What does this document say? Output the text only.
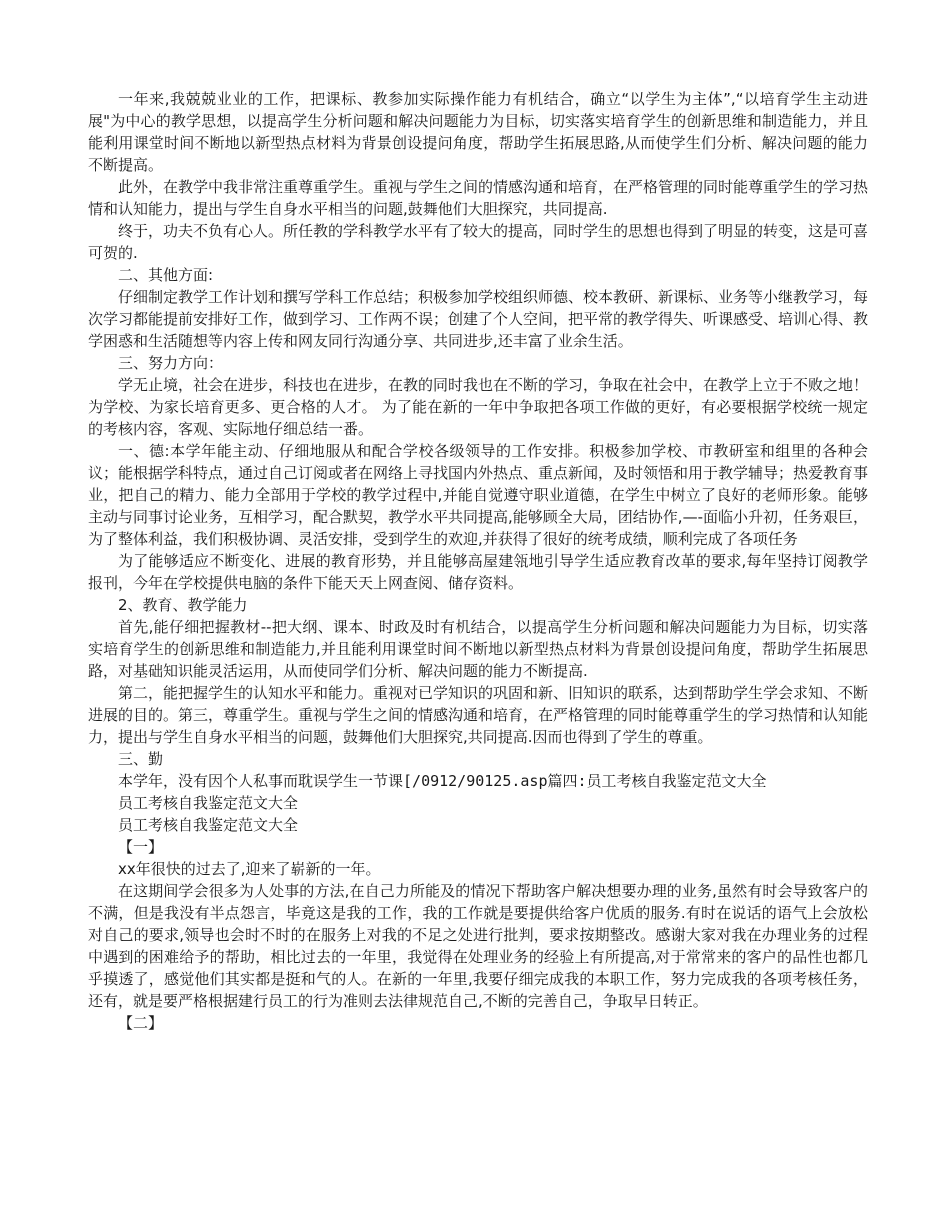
一年来,我兢兢业业的工作，把课标、教参加实际操作能力有机结合，确立“以学生为主体”,“以培育学生主动进展"为中心的教学思想，以提高学生分析问题和解决问题能力为目标，切实落实培育学生的创新思维和制造能力，并且能利用课堂时间不断地以新型热点材料为背景创设提问角度，帮助学生拓展思路,从而使学生们分析、解决问题的能力不断提高。

此外，在教学中我非常注重尊重学生。重视与学生之间的情感沟通和培育，在严格管理的同时能尊重学生的学习热情和认知能力，提出与学生自身水平相当的问题,鼓舞他们大胆探究，共同提高.

终于，功夫不负有心人。所任教的学科教学水平有了较大的提高，同时学生的思想也得到了明显的转变，这是可喜可贺的.

二、其他方面:

仔细制定教学工作计划和撰写学科工作总结；积极参加学校组织师德、校本教研、新课标、业务等小继教学习，每次学习都能提前安排好工作，做到学习、工作两不误；创建了个人空间，把平常的教学得失、听课感受、培训心得、教学困惑和生活随想等内容上传和网友同行沟通分享、共同进步,还丰富了业余生活。

三、努力方向：

学无止境，社会在进步，科技也在进步，在教的同时我也在不断的学习，争取在社会中，在教学上立于不败之地！为学校、为家长培育更多、更合格的人才。 为了能在新的一年中争取把各项工作做的更好，有必要根据学校统一规定的考核内容，客观、实际地仔细总结一番。

一、德:本学年能主动、仔细地服从和配合学校各级领导的工作安排。积极参加学校、市教研室和组里的各种会议；能根据学科特点，通过自己订阅或者在网络上寻找国内外热点、重点新闻，及时领悟和用于教学辅导；热爱教育事业，把自己的精力、能力全部用于学校的教学过程中,并能自觉遵守职业道德，在学生中树立了良好的老师形象。能够主动与同事讨论业务，互相学习，配合默契，教学水平共同提高,能够顾全大局，团结协作,—-面临小升初，任务艰巨，为了整体利益，我们积极协调、灵活安排，受到学生的欢迎,并获得了很好的统考成绩，顺利完成了各项任务

为了能够适应不断变化、进展的教育形势，并且能够高屋建瓴地引导学生适应教育改革的要求,每年坚持订阅教学报刊，今年在学校提供电脑的条件下能天天上网查阅、储存资料。

2、教育、教学能力

首先,能仔细把握教材--把大纲、课本、时政及时有机结合，以提高学生分析问题和解决问题能力为目标，切实落实培育学生的创新思维和制造能力,并且能利用课堂时间不断地以新型热点材料为背景创设提问角度，帮助学生拓展思路，对基础知识能灵活运用，从而使同学们分析、解决问题的能力不断提高.

第二，能把握学生的认知水平和能力。重视对已学知识的巩固和新、旧知识的联系，达到帮助学生学会求知、不断进展的目的。第三，尊重学生。重视与学生之间的情感沟通和培育，在严格管理的同时能尊重学生的学习热情和认知能力，提出与学生自身水平相当的问题，鼓舞他们大胆探究,共同提高.因而也得到了学生的尊重。

三、勤

本学年，没有因个人私事而耽误学生一节课[/0912/90125.asp篇四:员工考核自我鉴定范文大全

员工考核自我鉴定范文大全

员工考核自我鉴定范文大全

【一】

xx年很快的过去了,迎来了崭新的一年。

在这期间学会很多为人处事的方法,在自己力所能及的情况下帮助客户解决想要办理的业务,虽然有时会导致客户的不满，但是我没有半点怨言，毕竟这是我的工作，我的工作就是要提供给客户优质的服务.有时在说话的语气上会放松对自己的要求,领导也会时不时的在服务上对我的不足之处进行批判，要求按期整改。感谢大家对我在办理业务的过程中遇到的困难给予的帮助，相比过去的一年里，我觉得在处理业务的经验上有所提高,对于常常来的客户的品性也都几乎摸透了，感觉他们其实都是挺和气的人。在新的一年里,我要仔细完成我的本职工作，努力完成我的各项考核任务，还有，就是要严格根据建行员工的行为准则去法律规范自己,不断的完善自己，争取早日转正。

【二】
